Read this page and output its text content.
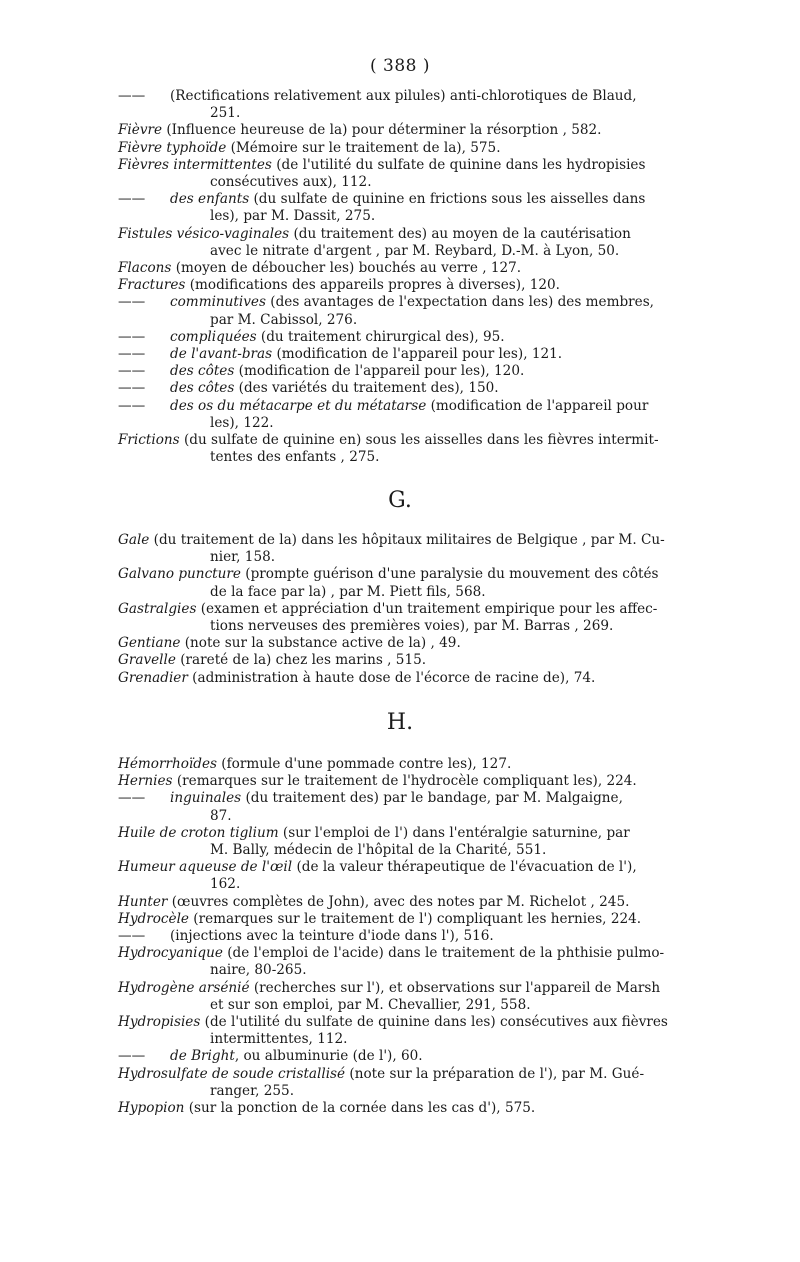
( 388 )
—— (Rectifications relativement aux pilules) anti-chlorotiques de Blaud,
251.
Fièvre (Influence heureuse de la) pour déterminer la résorption , 582.
Fièvre typhoïde (Mémoire sur le traitement de la), 575.
Fièvres intermittentes (de l'utilité du sulfate de quinine dans les hydropisies
consécutives aux), 112.
—— des enfants (du sulfate de quinine en frictions sous les aisselles dans
les), par M. Dassit, 275.
Fistules vésico-vaginales (du traitement des) au moyen de la cautérisation
avec le nitrate d'argent , par M. Reybard, D.-M. à Lyon, 50.
Flacons (moyen de déboucher les) bouchés au verre , 127.
Fractures (modifications des appareils propres à diverses), 120.
—— comminutives (des avantages de l'expectation dans les) des membres,
par M. Cabissol, 276.
—— compliquées (du traitement chirurgical des), 95.
—— de l'avant-bras (modification de l'appareil pour les), 121.
—— des côtes (modification de l'appareil pour les), 120.
—— des côtes (des variétés du traitement des), 150.
—— des os du métacarpe et du métatarse (modification de l'appareil pour
les), 122.
Frictions (du sulfate de quinine en) sous les aisselles dans les fièvres intermit-
tentes des enfants , 275.
G.
Gale (du traitement de la) dans les hôpitaux militaires de Belgique , par M. Cu-
nier, 158.
Galvano puncture (prompte guérison d'une paralysie du mouvement des côtés
de la face par la) , par M. Piett fils, 568.
Gastralgies (examen et appréciation d'un traitement empirique pour les affec-
tions nerveuses des premières voies), par M. Barras , 269.
Gentiane (note sur la substance active de la) , 49.
Gravelle (rareté de la) chez les marins , 515.
Grenadier (administration à haute dose de l'écorce de racine de), 74.
H.
Hémorrhoïdes (formule d'une pommade contre les), 127.
Hernies (remarques sur le traitement de l'hydrocèle compliquant les), 224.
—— inguinales (du traitement des) par le bandage, par M. Malgaigne,
87.
Huile de croton tiglium (sur l'emploi de l') dans l'entéralgie saturnine, par
M. Bally, médecin de l'hôpital de la Charité, 551.
Humeur aqueuse de l'œil (de la valeur thérapeutique de l'évacuation de l'),
162.
Hunter (œuvres complètes de John), avec des notes par M. Richelot , 245.
Hydrocèle (remarques sur le traitement de l') compliquant les hernies, 224.
—— (injections avec la teinture d'iode dans l'), 516.
Hydrocyanique (de l'emploi de l'acide) dans le traitement de la phthisie pulmo-
naire, 80-265.
Hydrogène arsénié (recherches sur l'), et observations sur l'appareil de Marsh
et sur son emploi, par M. Chevallier, 291, 558.
Hydropisies (de l'utilité du sulfate de quinine dans les) consécutives aux fièvres
intermittentes, 112.
—— de Bright, ou albuminurie (de l'), 60.
Hydrosulfate de soude cristallisé (note sur la préparation de l'), par M. Gué-
ranger, 255.
Hypopion (sur la ponction de la cornée dans les cas d'), 575.
